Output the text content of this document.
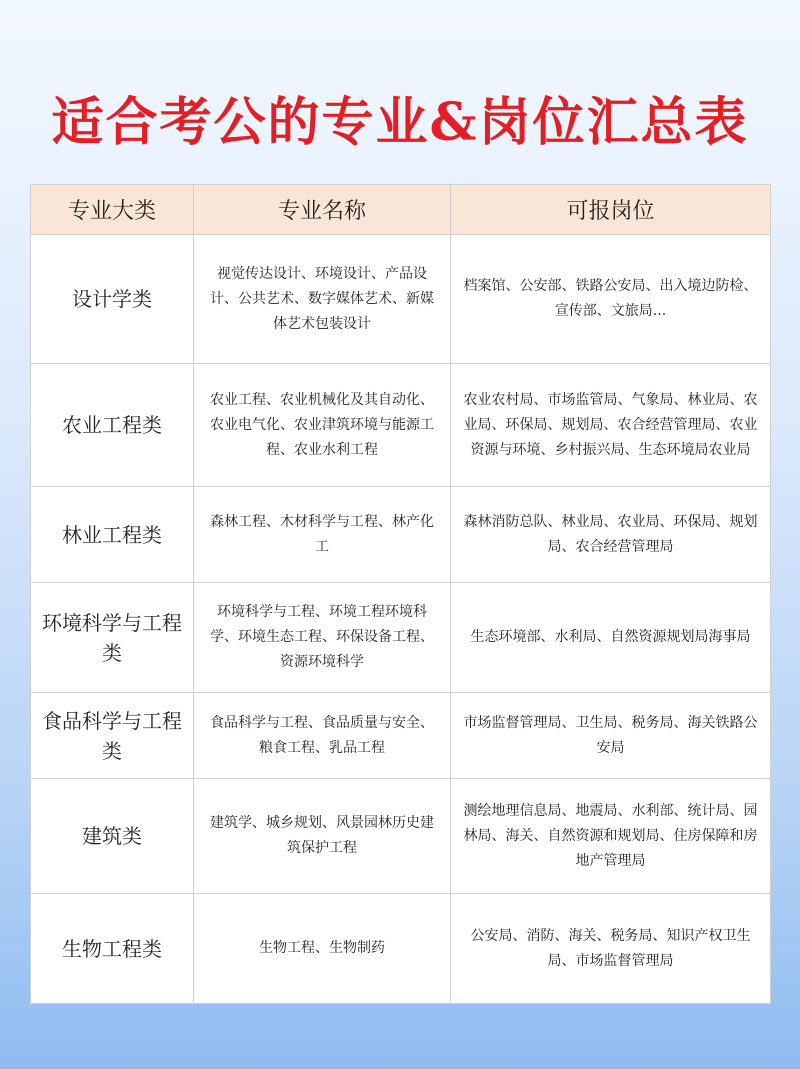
适合考公的专业&岗位汇总表
专业大类	专业名称	可报岗位
设计学类	视觉传达设计、环境设计、产品设计、公共艺术、数字媒体艺术、新媒体艺术包装设计	档案馆、公安部、铁路公安局、出入境边防检、宣传部、文旅局...
农业工程类	农业工程、农业机械化及其自动化、农业电气化、农业津筑环境与能源工程、农业水利工程	农业农村局、市场监管局、气象局、林业局、农业局、环保局、规划局、农合经营管理局、农业资源与环境、乡村振兴局、生态环境局农业局
林业工程类	森林工程、木材科学与工程、林产化工	森林消防总队、林业局、农业局、环保局、规划局、农合经营管理局
环境科学与工程类	环境科学与工程、环境工程环境科学、环境生态工程、环保设备工程、资源环境科学	生态环境部、水利局、自然资源规划局海事局
食品科学与工程类	食品科学与工程、食品质量与安全、粮食工程、乳品工程	市场监督管理局、卫生局、税务局、海关铁路公安局
建筑类	建筑学、城乡规划、风景园林历史建筑保护工程	测绘地理信息局、地震局、水利部、统计局、园林局、海关、自然资源和规划局、住房保障和房地产管理局
生物工程类	生物工程、生物制药	公安局、消防、海关、税务局、知识产权卫生局、市场监督管理局
